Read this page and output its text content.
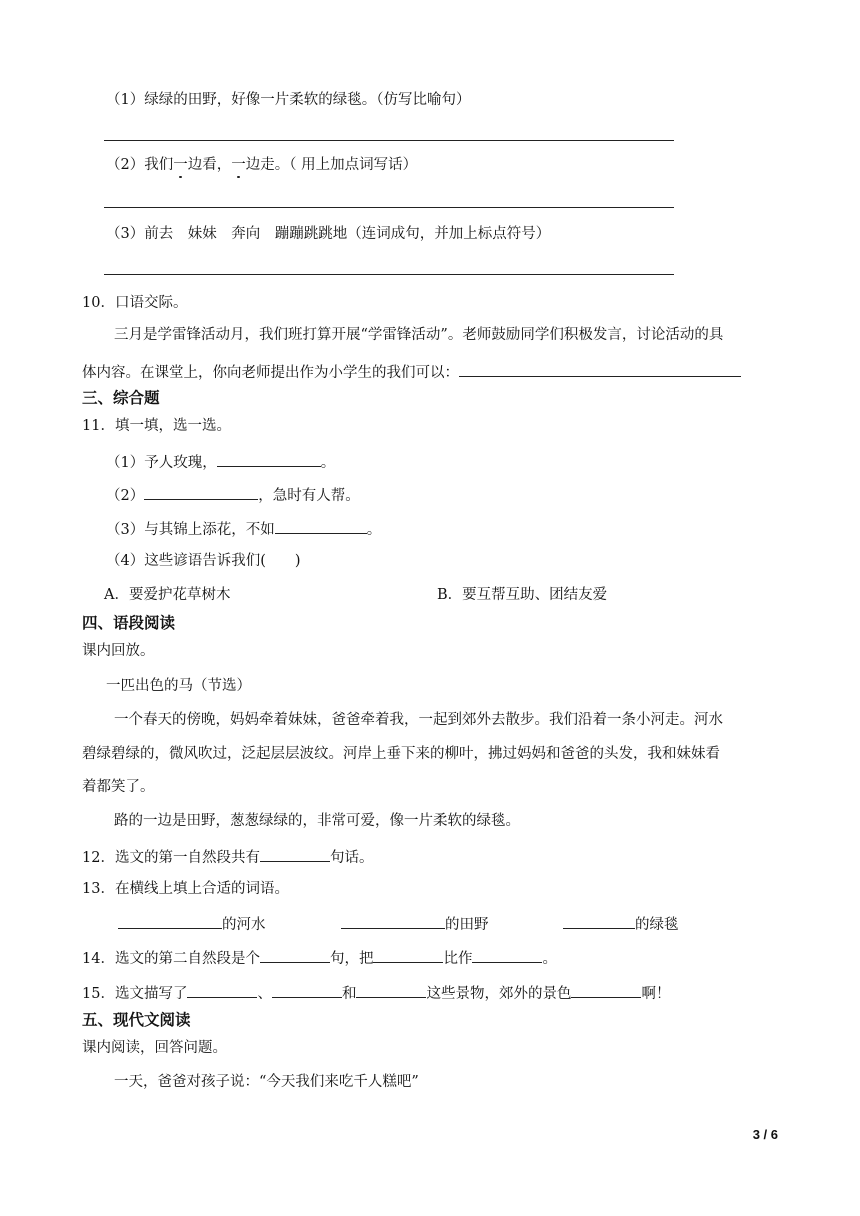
（1）绿绿的田野，好像一片柔软的绿毯。（仿写比喻句）
（2）我们一边看，一边走。（ 用上加点词写话）
（3）前去　妹妹　奔向　蹦蹦跳跳地（连词成句，并加上标点符号）
10．口语交际。
三月是学雷锋活动月，我们班打算开展“学雷锋活动”。老师鼓励同学们积极发言，讨论活动的具
体内容。在课堂上，你向老师提出作为小学生的我们可以：
三、综合题
11．填一填，选一选。
（1）予人玫瑰，	。
（2）	，急时有人帮。
（3）与其锦上添花，不如	。
（4）这些谚语告诉我们(　　)
A．要爱护花草树木	B．要互帮互助、团结友爱
四、语段阅读
课内回放。
一匹出色的马（节选）
一个春天的傍晚，妈妈牵着妹妹，爸爸牵着我，一起到郊外去散步。我们沿着一条小河走。河水
碧绿碧绿的，微风吹过，泛起层层波纹。河岸上垂下来的柳叶，拂过妈妈和爸爸的头发，我和妹妹看
着都笑了。
路的一边是田野，葱葱绿绿的，非常可爱，像一片柔软的绿毯。
12．选文的第一自然段共有	句话。
13．在横线上填上合适的词语。
的河水	的田野	的绿毯
14．选文的第二自然段是个	句，把	比作	。
15．选文描写了	、	和	这些景物，郊外的景色	啊！
五、现代文阅读
课内阅读，回答问题。
一天，爸爸对孩子说：“今天我们来吃千人糕吧”
3 / 6
